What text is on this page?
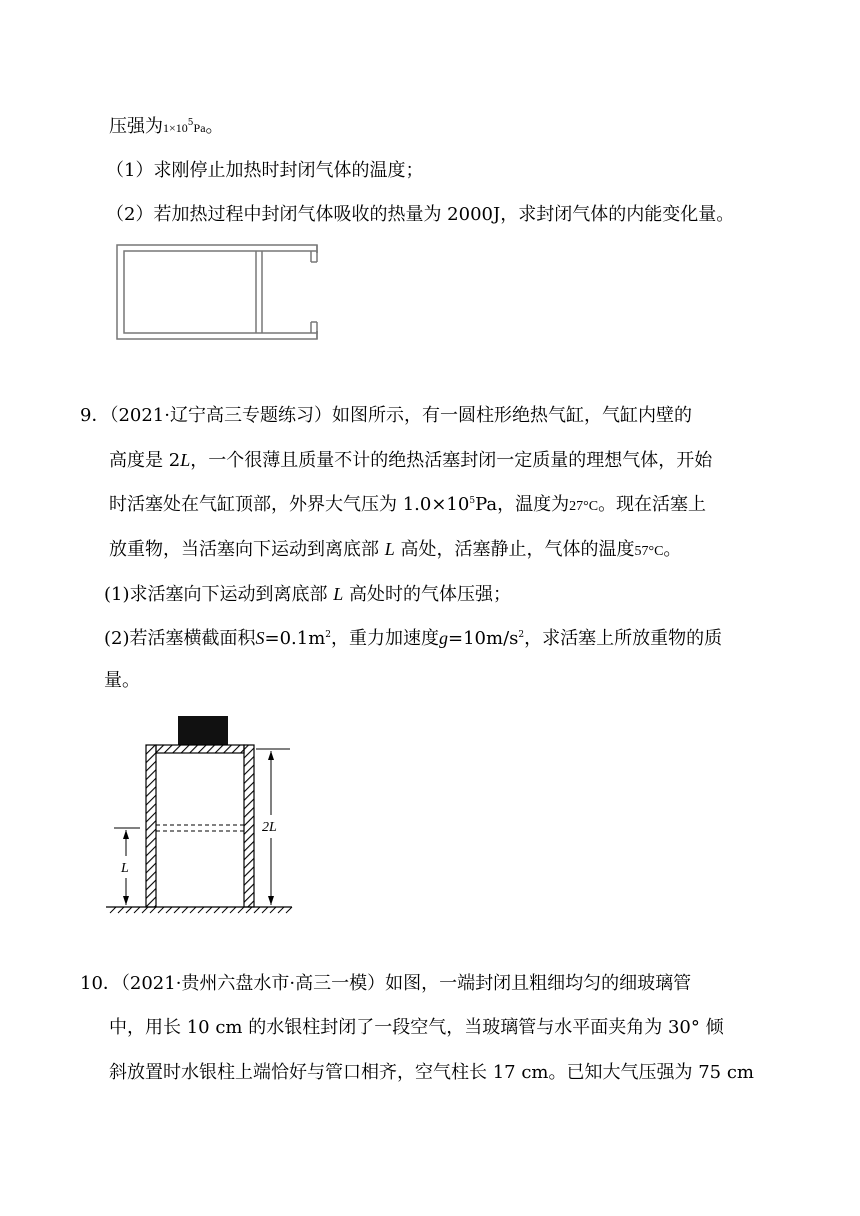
压强为$1\times 10^5Pa$。
（1）求刚停止加热时封闭气体的温度；
（2）若加热过程中封闭气体吸收的热量为 2000J，求封闭气体的内能变化量。
9．（2021·辽宁高三专题练习）如图所示，有一圆柱形绝热气缸，气缸内壁的
高度是 2L，一个很薄且质量不计的绝热活塞封闭一定质量的理想气体，开始
时活塞处在气缸顶部，外界大气压为 $1.0\times 10^5Pa$，温度为27°C。现在活塞上
放重物，当活塞向下运动到离底部 L 高处，活塞静止，气体的温度57°C。
(1)求活塞向下运动到离底部 L 高处时的气体压强；
(2)若活塞横截面积$S=0.1m^2$，重力加速度$g=10m/s^2$，求活塞上所放重物的质
量。
2L
L
10．（2021·贵州六盘水市·高三一模）如图，一端封闭且粗细均匀的细玻璃管
中，用长 10 cm 的水银柱封闭了一段空气，当玻璃管与水平面夹角为 30° 倾
斜放置时水银柱上端恰好与管口相齐，空气柱长 17 cm。已知大气压强为 75 cm
